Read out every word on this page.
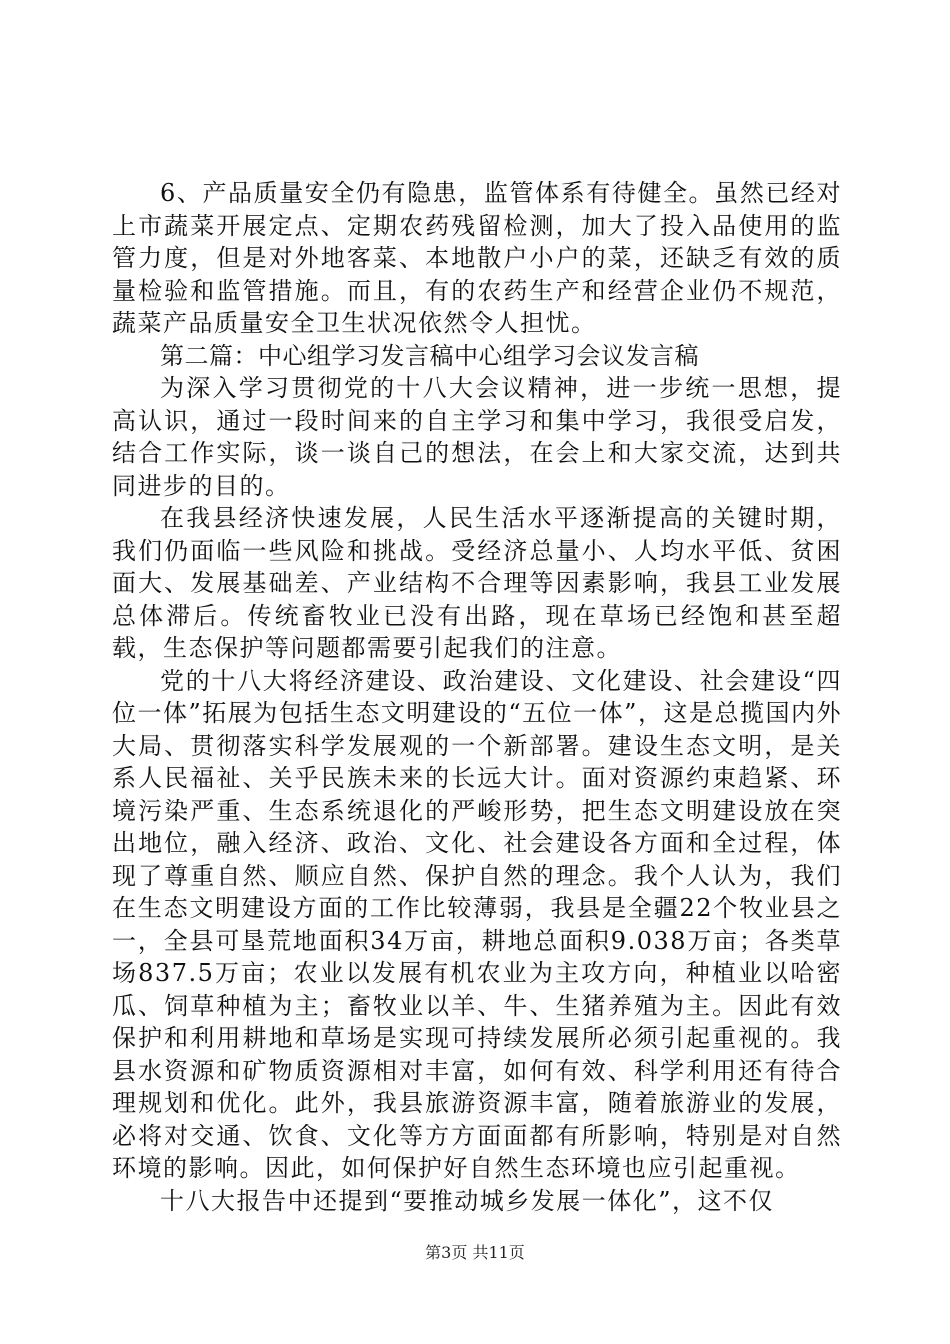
6、产品质量安全仍有隐患，监管体系有待健全。虽然已经对上市蔬菜开展定点、定期农药残留检测，加大了投入品使用的监管力度，但是对外地客菜、本地散户小户的菜，还缺乏有效的质量检验和监管措施。而且，有的农药生产和经营企业仍不规范，蔬菜产品质量安全卫生状况依然令人担忧。

第二篇：中心组学习发言稿中心组学习会议发言稿

为深入学习贯彻党的十八大会议精神，进一步统一思想，提高认识，通过一段时间来的自主学习和集中学习，我很受启发，结合工作实际，谈一谈自己的想法，在会上和大家交流，达到共同进步的目的。

在我县经济快速发展，人民生活水平逐渐提高的关键时期，我们仍面临一些风险和挑战。受经济总量小、人均水平低、贫困面大、发展基础差、产业结构不合理等因素影响，我县工业发展总体滞后。传统畜牧业已没有出路，现在草场已经饱和甚至超载，生态保护等问题都需要引起我们的注意。

党的十八大将经济建设、政治建设、文化建设、社会建设“四位一体”拓展为包括生态文明建设的“五位一体”，这是总揽国内外大局、贯彻落实科学发展观的一个新部署。建设生态文明，是关系人民福祉、关乎民族未来的长远大计。面对资源约束趋紧、环境污染严重、生态系统退化的严峻形势，把生态文明建设放在突出地位，融入经济、政治、文化、社会建设各方面和全过程，体现了尊重自然、顺应自然、保护自然的理念。我个人认为，我们在生态文明建设方面的工作比较薄弱，我县是全疆22个牧业县之一，全县可垦荒地面积34万亩，耕地总面积9.038万亩；各类草场837.5万亩；农业以发展有机农业为主攻方向，种植业以哈密瓜、饲草种植为主；畜牧业以羊、牛、生猪养殖为主。因此有效保护和利用耕地和草场是实现可持续发展所必须引起重视的。我县水资源和矿物质资源相对丰富，如何有效、科学利用还有待合理规划和优化。此外，我县旅游资源丰富，随着旅游业的发展，必将对交通、饮食、文化等方方面面都有所影响，特别是对自然环境的影响。因此，如何保护好自然生态环境也应引起重视。

十八大报告中还提到“要推动城乡发展一体化”，这不仅

第3页 共11页
